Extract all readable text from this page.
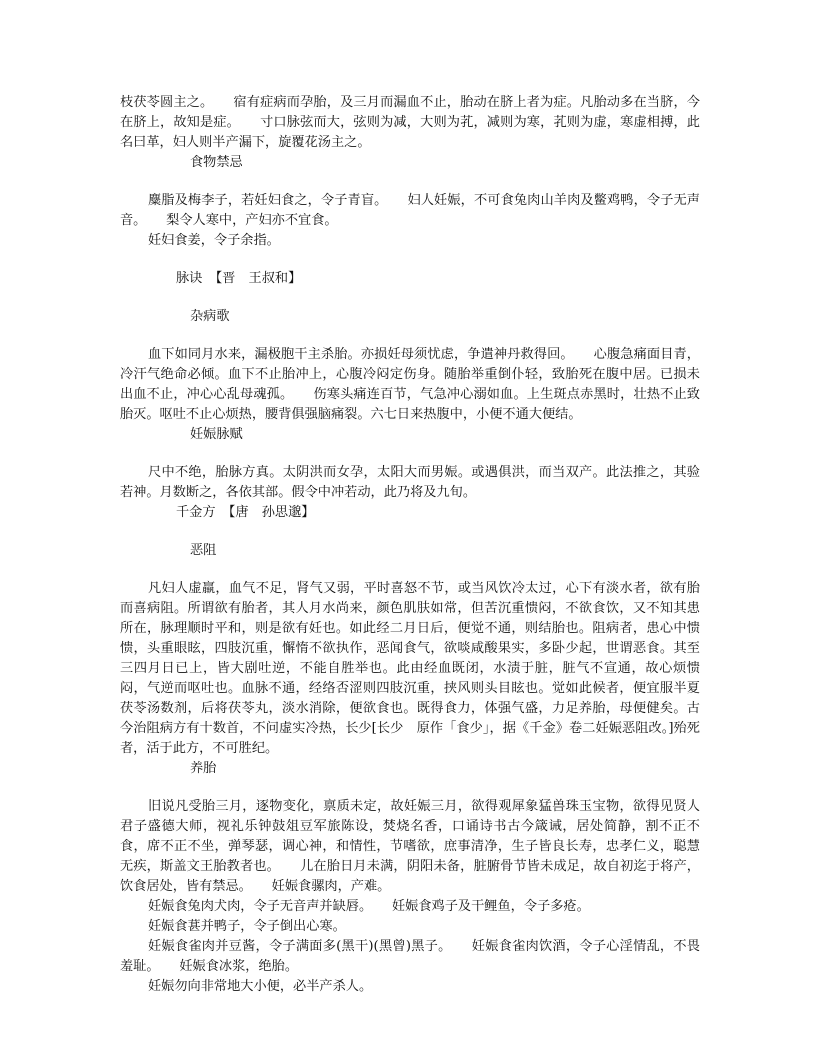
枝茯苓圆主之。　　宿有症病而孕胎，及三月而漏血不止，胎动在脐上者为症。凡胎动多在当脐，今在脐上，故知是症。　　寸口脉弦而大，弦则为减，大则为芤，减则为寒，芤则为虚，寒虚相搏，此名曰革，妇人则半产漏下，旋覆花汤主之。

食物禁忌

麋脂及梅李子，若妊妇食之，令子青盲。　　妇人妊娠，不可食兔肉山羊肉及鳖鸡鸭，令子无声音。　　梨令人寒中，产妇亦不宜食。

妊妇食姜，令子余指。

脉诀　【晋　王叔和】
杂病歌

血下如同月水来，漏极胞干主杀胎。亦损妊母须忧虑，争遣神丹救得回。　　心腹急痛面目青，冷汗气绝命必倾。血下不止胎冲上，心腹冷闷定伤身。随胎举重倒仆轻，致胎死在腹中居。已损未出血不止，冲心心乱母魂孤。　　伤寒头痛连百节，气急冲心溺如血。上生斑点赤黑时，壮热不止致胎灭。呕吐不止心烦热，腰背俱强脑痛裂。六七日来热腹中，小便不通大便结。

妊娠脉赋

尺中不绝，胎脉方真。太阴洪而女孕，太阳大而男娠。或遇俱洪，而当双产。此法推之，其验若神。月数断之，各依其部。假令中冲若动，此乃将及九旬。

千金方　【唐　孙思邈】
恶阻

凡妇人虚羸，血气不足，肾气又弱，平时喜怒不节，或当风饮冷太过，心下有淡水者，欲有胎而喜病阻。所谓欲有胎者，其人月水尚来，颜色肌肤如常，但苦沉重愦闷，不欲食饮，又不知其患所在，脉理顺时平和，则是欲有妊也。如此经二月日后，便觉不通，则结胎也。阻病者，患心中愦愦，头重眼眩，四肢沉重，懈惰不欲执作，恶闻食气，欲啖咸酸果实，多卧少起，世谓恶食。其至三四月日已上，皆大剧吐逆，不能自胜举也。此由经血既闭，水渍于脏，脏气不宣通，故心烦愦闷，气逆而呕吐也。血脉不通，经络否涩则四肢沉重，挟风则头目眩也。觉如此候者，便宜服半夏茯苓汤数剂，后将茯苓丸，淡水消除，便欲食也。既得食力，体强气盛，力足养胎，母便健矣。古今治阻病方有十数首，不问虚实冷热，长少[长少　原作「食少」，据《千金》卷二妊娠恶阻改。]殆死者，活于此方，不可胜纪。

养胎

旧说凡受胎三月，逐物变化，禀质未定，故妊娠三月，欲得观犀象猛兽珠玉宝物，欲得见贤人君子盛德大师，视礼乐钟鼓俎豆军旅陈设，焚烧名香，口诵诗书古今箴诫，居处简静，割不正不食，席不正不坐，弹琴瑟，调心神，和情性，节嗜欲，庶事清净，生子皆良长寿，忠孝仁义，聪慧无疾，斯盖文王胎教者也。　　儿在胎日月未满，阴阳未备，脏腑骨节皆未成足，故自初迄于将产，饮食居处，皆有禁忌。　　妊娠食骡肉，产难。

妊娠食兔肉犬肉，令子无音声并缺唇。　　妊娠食鸡子及干鲤鱼，令子多疮。

妊娠食葚并鸭子，令子倒出心寒。

妊娠食雀肉并豆酱，令子满面多(黑干)(黑曾)黑子。　　妊娠食雀肉饮酒，令子心淫情乱，不畏羞耻。　　妊娠食冰浆，绝胎。

妊娠勿向非常地大小便，必半产杀人。
